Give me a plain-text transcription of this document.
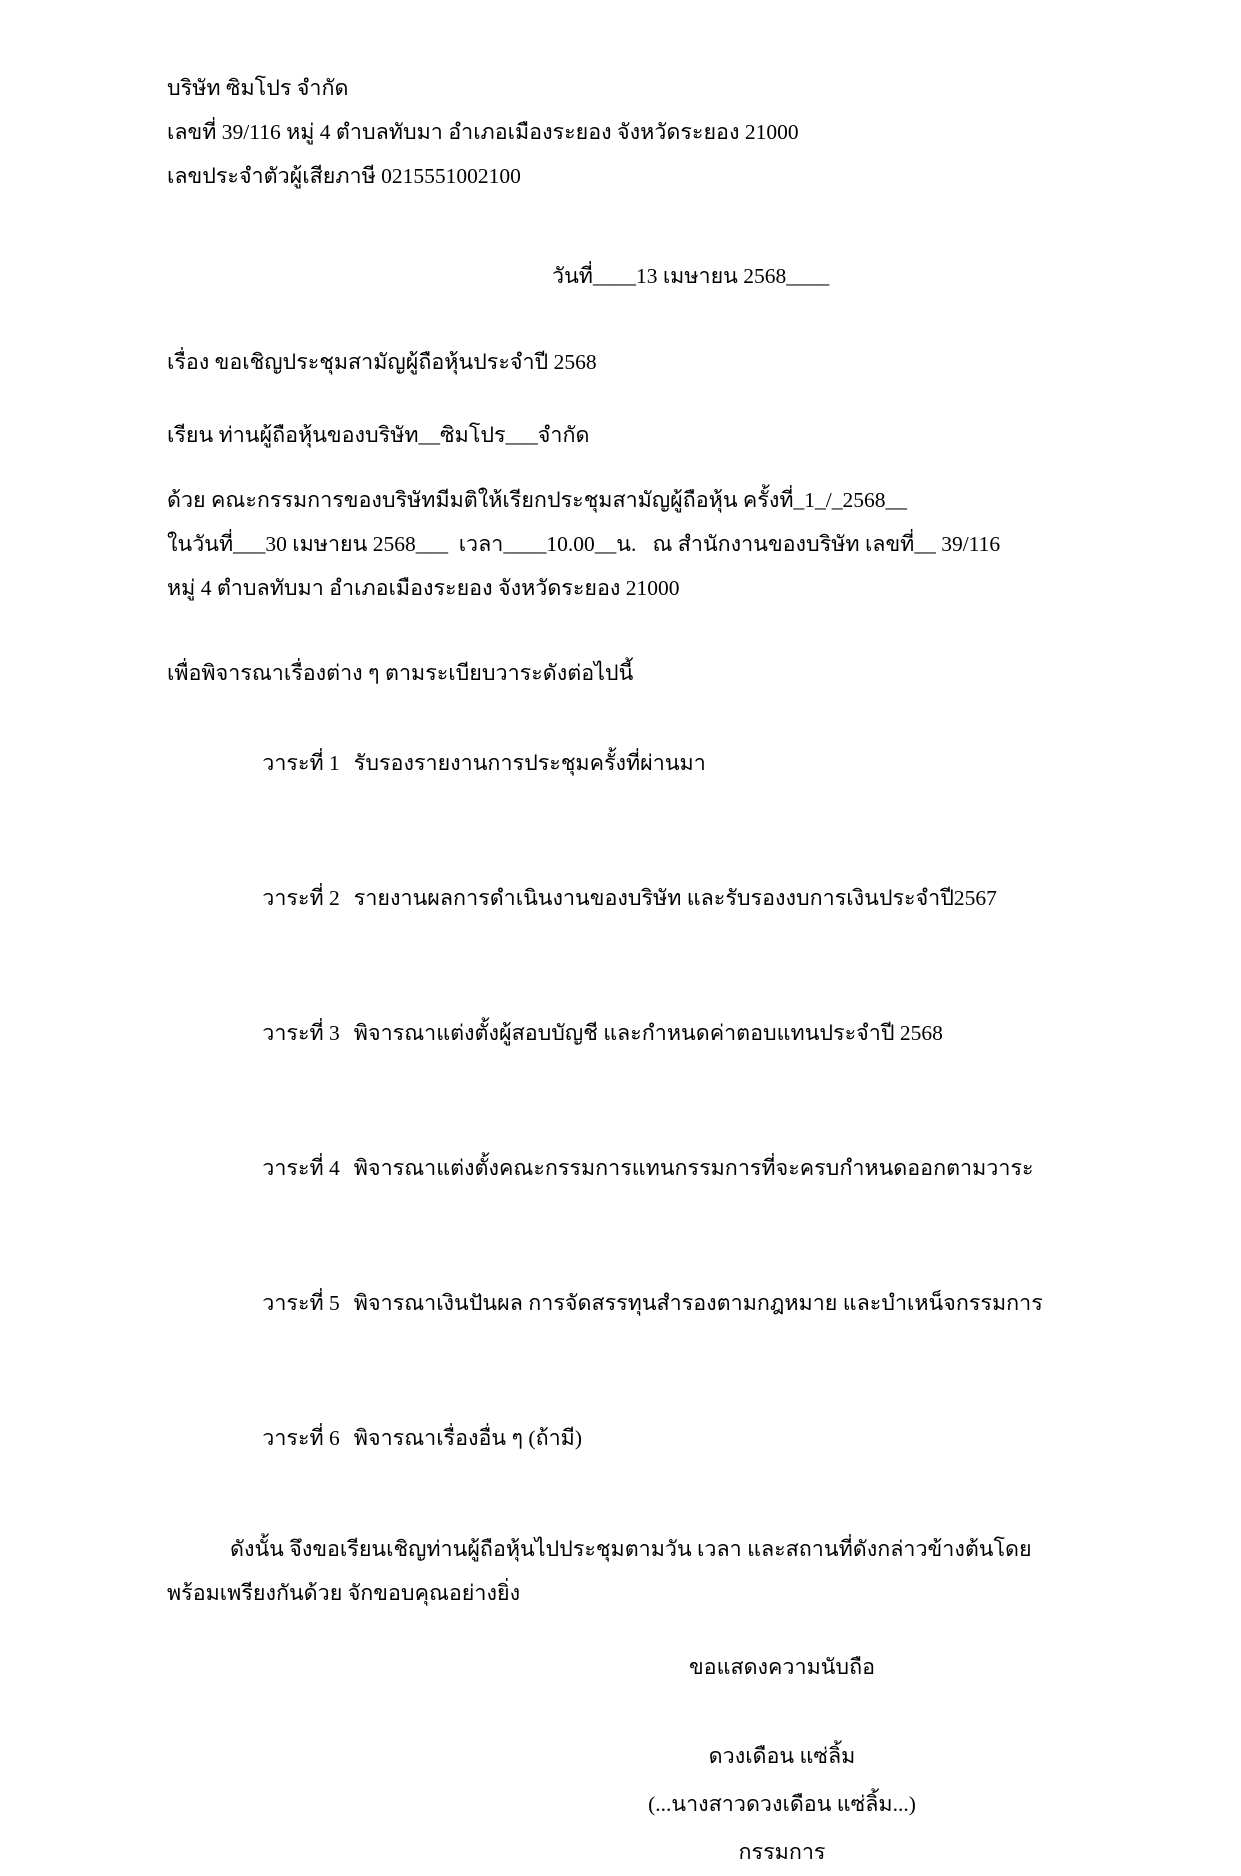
บริษัท ซิมโปร จำกัด
เลขที่ 39/116 หมู่ 4 ตำบลทับมา อำเภอเมืองระยอง จังหวัดระยอง 21000
เลขประจำตัวผู้เสียภาษี 0215551002100
วันที่____13 เมษายน 2568____
เรื่อง ขอเชิญประชุมสามัญผู้ถือหุ้นประจำปี 2568
เรียน ท่านผู้ถือหุ้นของบริษัท__ซิมโปร___จำกัด
ด้วย คณะกรรมการของบริษัทมีมติให้เรียกประชุมสามัญผู้ถือหุ้น ครั้งที่_1_/_2568__
ในวันที่___30 เมษายน 2568___  เวลา____10.00__น.   ณ สำนักงานของบริษัท เลขที่__ 39/116
หมู่ 4 ตำบลทับมา อำเภอเมืองระยอง จังหวัดระยอง 21000
เพื่อพิจารณาเรื่องต่าง ๆ ตามระเบียบวาระดังต่อไปนี้

วาระที่ 1 รับรองรายงานการประชุมครั้งที่ผ่านมา

วาระที่ 2 รายงานผลการดำเนินงานของบริษัท และรับรองงบการเงินประจำปี2567

วาระที่ 3 พิจารณาแต่งตั้งผู้สอบบัญชี และกำหนดค่าตอบแทนประจำปี 2568

วาระที่ 4 พิจารณาแต่งตั้งคณะกรรมการแทนกรรมการที่จะครบกำหนดออกตามวาระ

วาระที่ 5 พิจารณาเงินปันผล การจัดสรรทุนสำรองตามกฎหมาย และบำเหน็จกรรมการ

วาระที่ 6 พิจารณาเรื่องอื่น ๆ (ถ้ามี)

ดังนั้น จึงขอเรียนเชิญท่านผู้ถือหุ้นไปประชุมตามวัน เวลา และสถานที่ดังกล่าวข้างต้นโดย
พร้อมเพรียงกันด้วย จักขอบคุณอย่างยิ่ง
ขอแสดงความนับถือ
ดวงเดือน แซ่ลิ้ม
(...นางสาวดวงเดือน แซ่ลิ้ม...)
กรรมการ
